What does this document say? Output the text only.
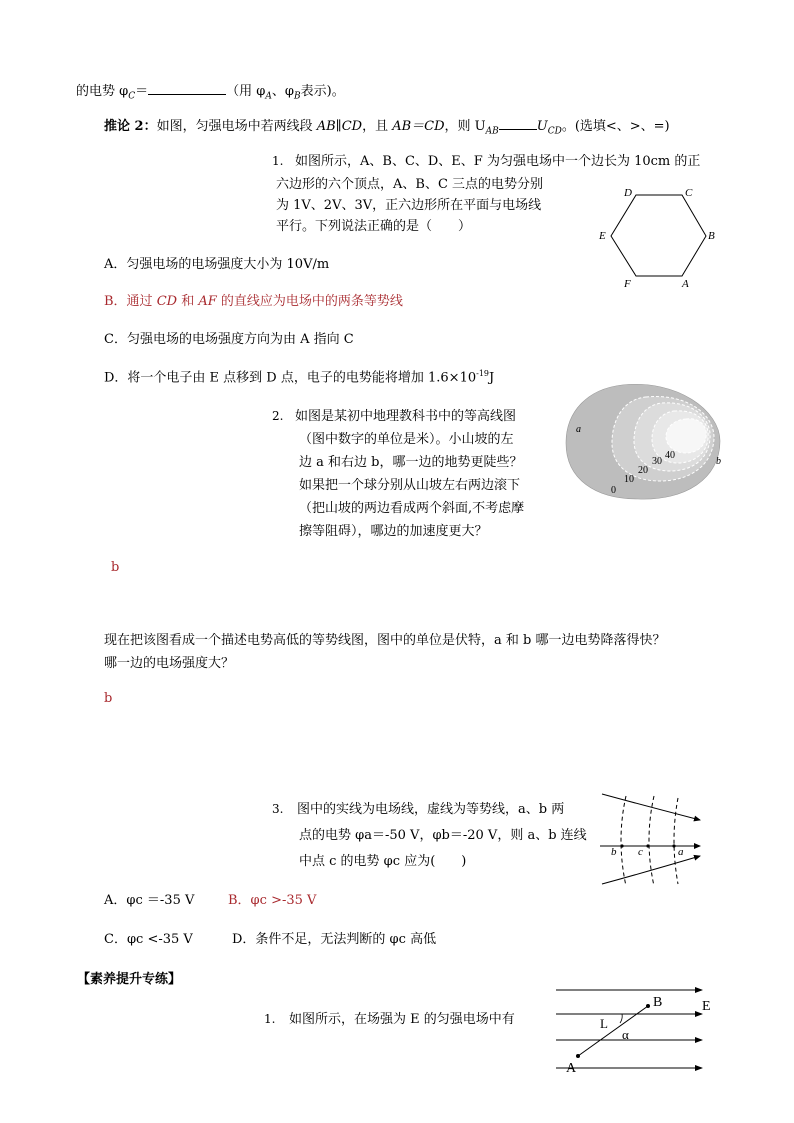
的电势 $\varphi_C=$	（用 $\varphi_A$、$\varphi_B$表示)。
推论 2：如图，匀强电场中若两线段 AB∥CD，且 AB＝CD，则 $U_{AB}$	$U_{CD}$。(选填<、>、=)
1. 如图所示，A、B、C、D、E、F 为匀强电场中一个边长为 10cm 的正
六边形的六个顶点，A、B、C 三点的电势分别
为 1V、2V、3V，正六边形所在平面与电场线
平行。下列说法正确的是（　　）
D	C
E	B
F	A
A．匀强电场的电场强度大小为 10V/m
B．通过 CD 和 AF 的直线应为电场中的两条等势线
C．匀强电场的电场强度方向为由 A 指向 C
D．将一个电子由 E 点移到 D 点，电子的电势能将增加 $1.6\times 10^{-19}J$
2. 如图是某初中地理教科书中的等高线图
（图中数字的单位是米）。小山坡的左
边 a 和右边 b，哪一边的地势更陡些？
如果把一个球分别从山坡左右两边滚下
（把山坡的两边看成两个斜面,不考虑摩
擦等阻碍），哪边的加速度更大？
a
b
0
10
20
30
40
b
现在把该图看成一个描述电势高低的等势线图，图中的单位是伏特，a 和 b 哪一边电势降落得快？
哪一边的电场强度大？
b
3. 图中的实线为电场线，虚线为等势线，a、b 两
点的电势 φa＝-50 V，φb＝-20 V，则 a、b 连线
中点 c 的电势 φc 应为(　　)
b c	a
A．φc ＝-35 V	B．φc >-35 V
C．φc <-35 V	D．条件不足，无法判断的 φc 高低
【素养提升专练】
1. 如图所示，在场强为 E 的匀强电场中有
B	E
L
α
A
